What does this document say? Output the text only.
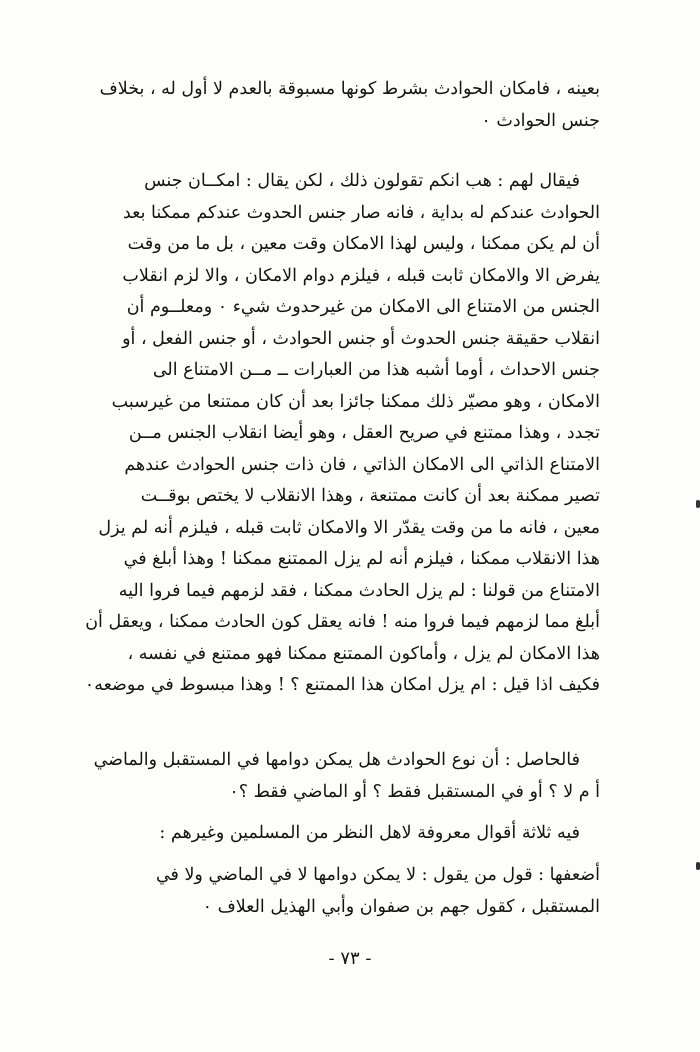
بعينه ، فامكان الحوادث بشرط كونها مسبوقة بالعدم لا أول له ، بخلاف
جنس الحوادث ٠
فيقال لهم : هب انكم تقولون ذلك ، لكن يقال : امكــان جنس
الحوادث عندكم له بداية ، فانه صار جنس الحدوث عندكم ممكنا بعد
أن لم يكن ممكنا ، وليس لهذا الامكان وقت معين ، بل ما من وقت
يفرض الا والامكان ثابت قبله ، فيلزم دوام الامكان ، والا لزم انقلاب
الجنس من الامتناع الى الامكان من غيرحدوث شيء ٠ ومعلــوم أن
انقلاب حقيقة جنس الحدوث أو جنس الحوادث ، أو جنس الفعل ، أو
جنس الاحداث ، أوما أشبه هذا من العبارات ــ مــن الامتناع الى
الامكان ، وهو مصيّر ذلك ممكنا جائزا بعد أن كان ممتنعا من غيرسبب
تجدد ، وهذا ممتنع في صريح العقل ، وهو أيضا انقلاب الجنس مــن
الامتناع الذاتي الى الامكان الذاتي ، فان ذات جنس الحوادث عندهم
تصير ممكنة بعد أن كانت ممتنعة ، وهذا الانقلاب لا يختص بوقــت
معين ، فانه ما من وقت يقدّر الا والامكان ثابت قبله ، فيلزم أنه لم يزل
هذا الانقلاب ممكنا ، فيلزم أنه لم يزل الممتنع ممكنا ! وهذا أبلغ في
الامتناع من قولنا : لم يزل الحادث ممكنا ، فقد لزمهم فيما فروا اليه
أبلغ مما لزمهم فيما فروا منه ! فانه يعقل كون الحادث ممكنا ، ويعقل أن
هذا الامكان لم يزل ، وأماكون الممتنع ممكنا فهو ممتنع في نفسه ،
فكيف اذا قيل : ام يزل امكان هذا الممتنع ؟ ! وهذا مبسوط في موضعه٠
فالحاصل : أن نوع الحوادث هل يمكن دوامها في المستقبل والماضي
أ م لا ؟ أو في المستقبل فقط ؟ أو الماضي فقط ؟٠
فيه ثلاثة أقوال معروفة لاهل النظر من المسلمين وغيرهم :
أضعفها : قول من يقول : لا يمكن دوامها لا في الماضي ولا في
المستقبل ، كقول جهم بن صفوان وأبي الهذيل العلاف ٠
- ٧٣ -
